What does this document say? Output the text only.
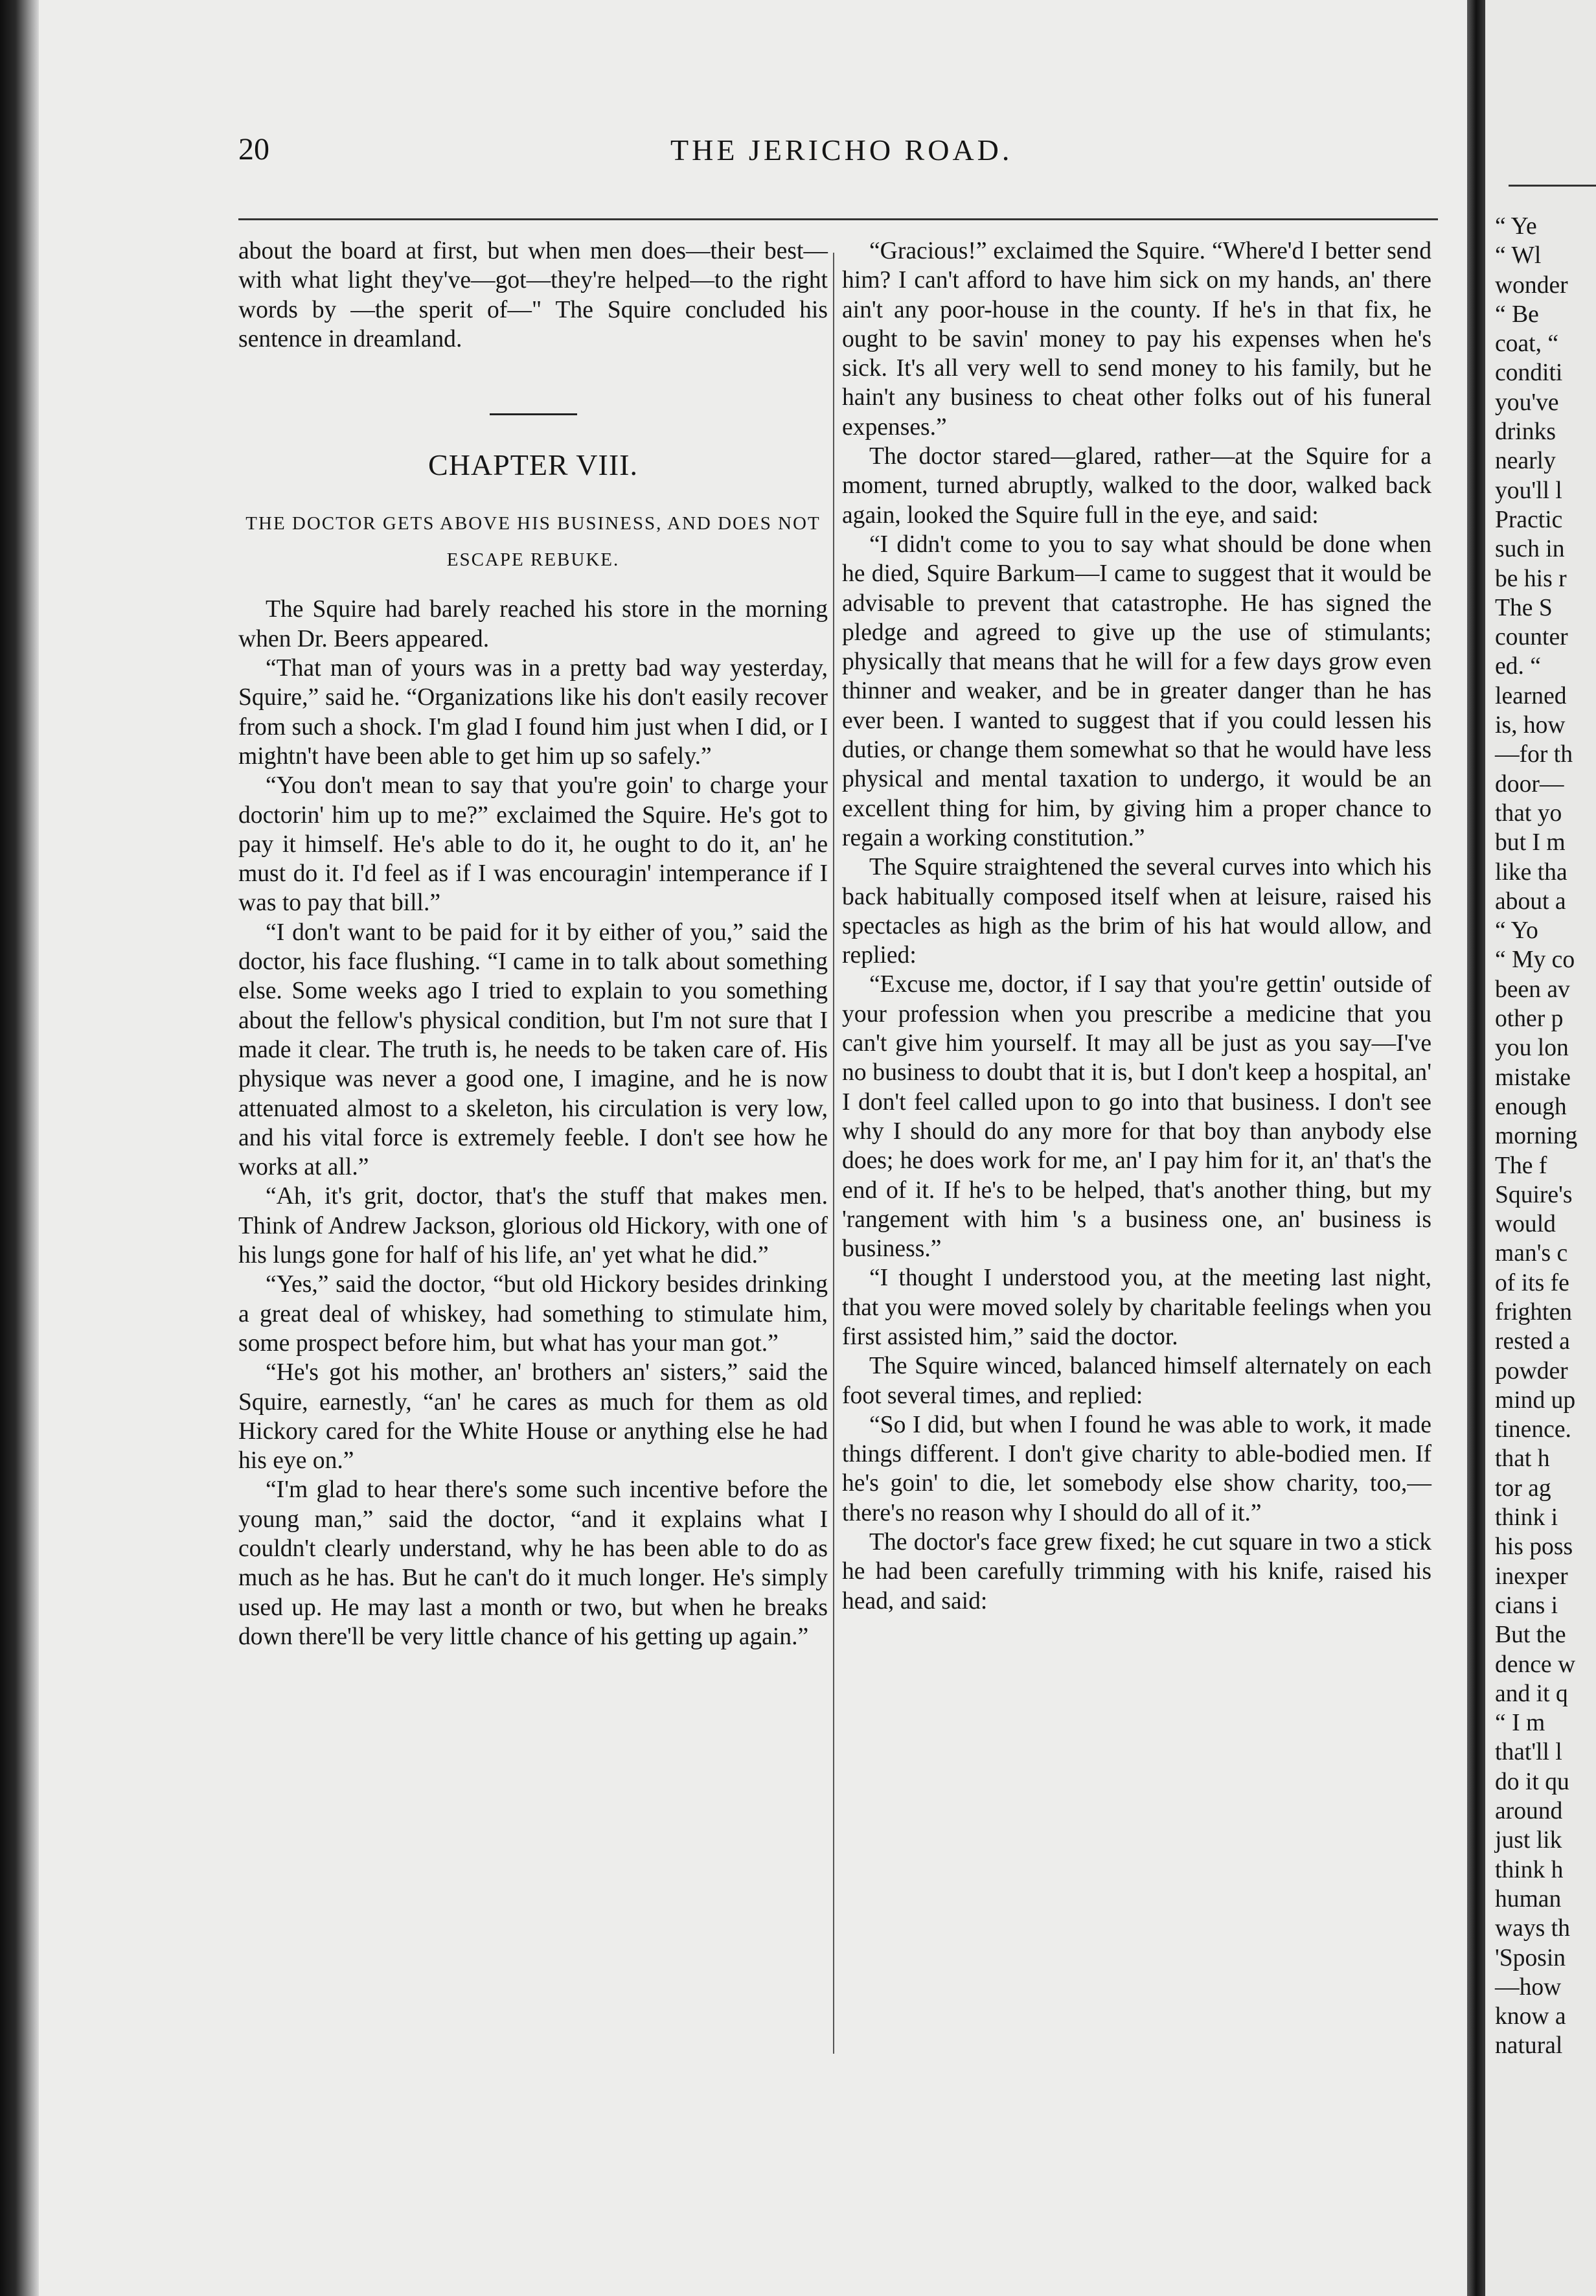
20	THE JERICHO ROAD.

about the board at first, but when men does—their best—with what light they've—got—they're helped—to the right words by —the sperit of—" The Squire concluded his sentence in dreamland.

CHAPTER VIII.
THE DOCTOR GETS ABOVE HIS BUSINESS, AND DOES NOT ESCAPE REBUKE.

The Squire had barely reached his store in the morning when Dr. Beers appeared.

“That man of yours was in a pretty bad way yesterday, Squire,” said he. “Organizations like his don't easily recover from such a shock. I'm glad I found him just when I did, or I mightn't have been able to get him up so safely.”

“You don't mean to say that you're goin' to charge your doctorin' him up to me?” exclaimed the Squire. He's got to pay it himself. He's able to do it, he ought to do it, an' he must do it. I'd feel as if I was encouragin' intemperance if I was to pay that bill.”

“I don't want to be paid for it by either of you,” said the doctor, his face flushing. “I came in to talk about something else. Some weeks ago I tried to explain to you something about the fellow's physical condition, but I'm not sure that I made it clear. The truth is, he needs to be taken care of. His physique was never a good one, I imagine, and he is now attenuated almost to a skeleton, his circulation is very low, and his vital force is extremely feeble. I don't see how he works at all.”

“Ah, it's grit, doctor, that's the stuff that makes men. Think of Andrew Jackson, glorious old Hickory, with one of his lungs gone for half of his life, an' yet what he did.”

“Yes,” said the doctor, “but old Hickory besides drinking a great deal of whiskey, had something to stimulate him, some prospect before him, but what has your man got.”

“He's got his mother, an' brothers an' sisters,” said the Squire, earnestly, “an' he cares as much for them as old Hickory cared for the White House or anything else he had his eye on.”

“I'm glad to hear there's some such incentive before the young man,” said the doctor, “and it explains what I couldn't clearly understand, why he has been able to do as much as he has. But he can't do it much longer. He's simply used up. He may last a month or two, but when he breaks down there'll be very little chance of his getting up again.”

“Gracious!” exclaimed the Squire. “Where'd I better send him? I can't afford to have him sick on my hands, an' there ain't any poor-house in the county. If he's in that fix, he ought to be savin' money to pay his expenses when he's sick. It's all very well to send money to his family, but he hain't any business to cheat other folks out of his funeral expenses.”

The doctor stared—glared, rather—at the Squire for a moment, turned abruptly, walked to the door, walked back again, looked the Squire full in the eye, and said:

“I didn't come to you to say what should be done when he died, Squire Barkum—I came to suggest that it would be advisable to prevent that catastrophe. He has signed the pledge and agreed to give up the use of stimulants; physically that means that he will for a few days grow even thinner and weaker, and be in greater danger than he has ever been. I wanted to suggest that if you could lessen his duties, or change them somewhat so that he would have less physical and mental taxation to undergo, it would be an excellent thing for him, by giving him a proper chance to regain a working constitution.”

The Squire straightened the several curves into which his back habitually composed itself when at leisure, raised his spectacles as high as the brim of his hat would allow, and replied:

“Excuse me, doctor, if I say that you're gettin' outside of your profession when you prescribe a medicine that you can't give him yourself. It may all be just as you say—I've no business to doubt that it is, but I don't keep a hospital, an' I don't feel called upon to go into that business. I don't see why I should do any more for that boy than anybody else does; he does work for me, an' I pay him for it, an' that's the end of it. If he's to be helped, that's another thing, but my 'rangement with him 's a business one, an' business is business.”

“I thought I understood you, at the meeting last night, that you were moved solely by charitable feelings when you first assisted him,” said the doctor.

The Squire winced, balanced himself alternately on each foot several times, and replied:

“So I did, but when I found he was able to work, it made things different. I don't give charity to able-bodied men. If he's goin' to die, let somebody else show charity, too,—there's no reason why I should do all of it.”

The doctor's face grew fixed; he cut square in two a stick he had been carefully trimming with his knife, raised his head, and said:

“ Ye
“ Wl
wonder
“ Be
coat, “
conditi
you've
drinks
nearly
you'll l
Practic
such in
be his r
The S
counter
ed. “
learned
is, how
—for th
door—
that yo
but I m
like tha
about a
“ Yo
“ My co
been av
other p
you lon
mistake
enough
morning
The f
Squire's
would
man's c
of its fe
frighten
rested a
powder
mind up
tinence.
that h
tor ag
think i
his poss
inexper
cians i
But the
dence w
and it q
“ I m
that'll l
do it qu
around
just lik
think h
human
ways th
'Sposin
—how
know a
natural
